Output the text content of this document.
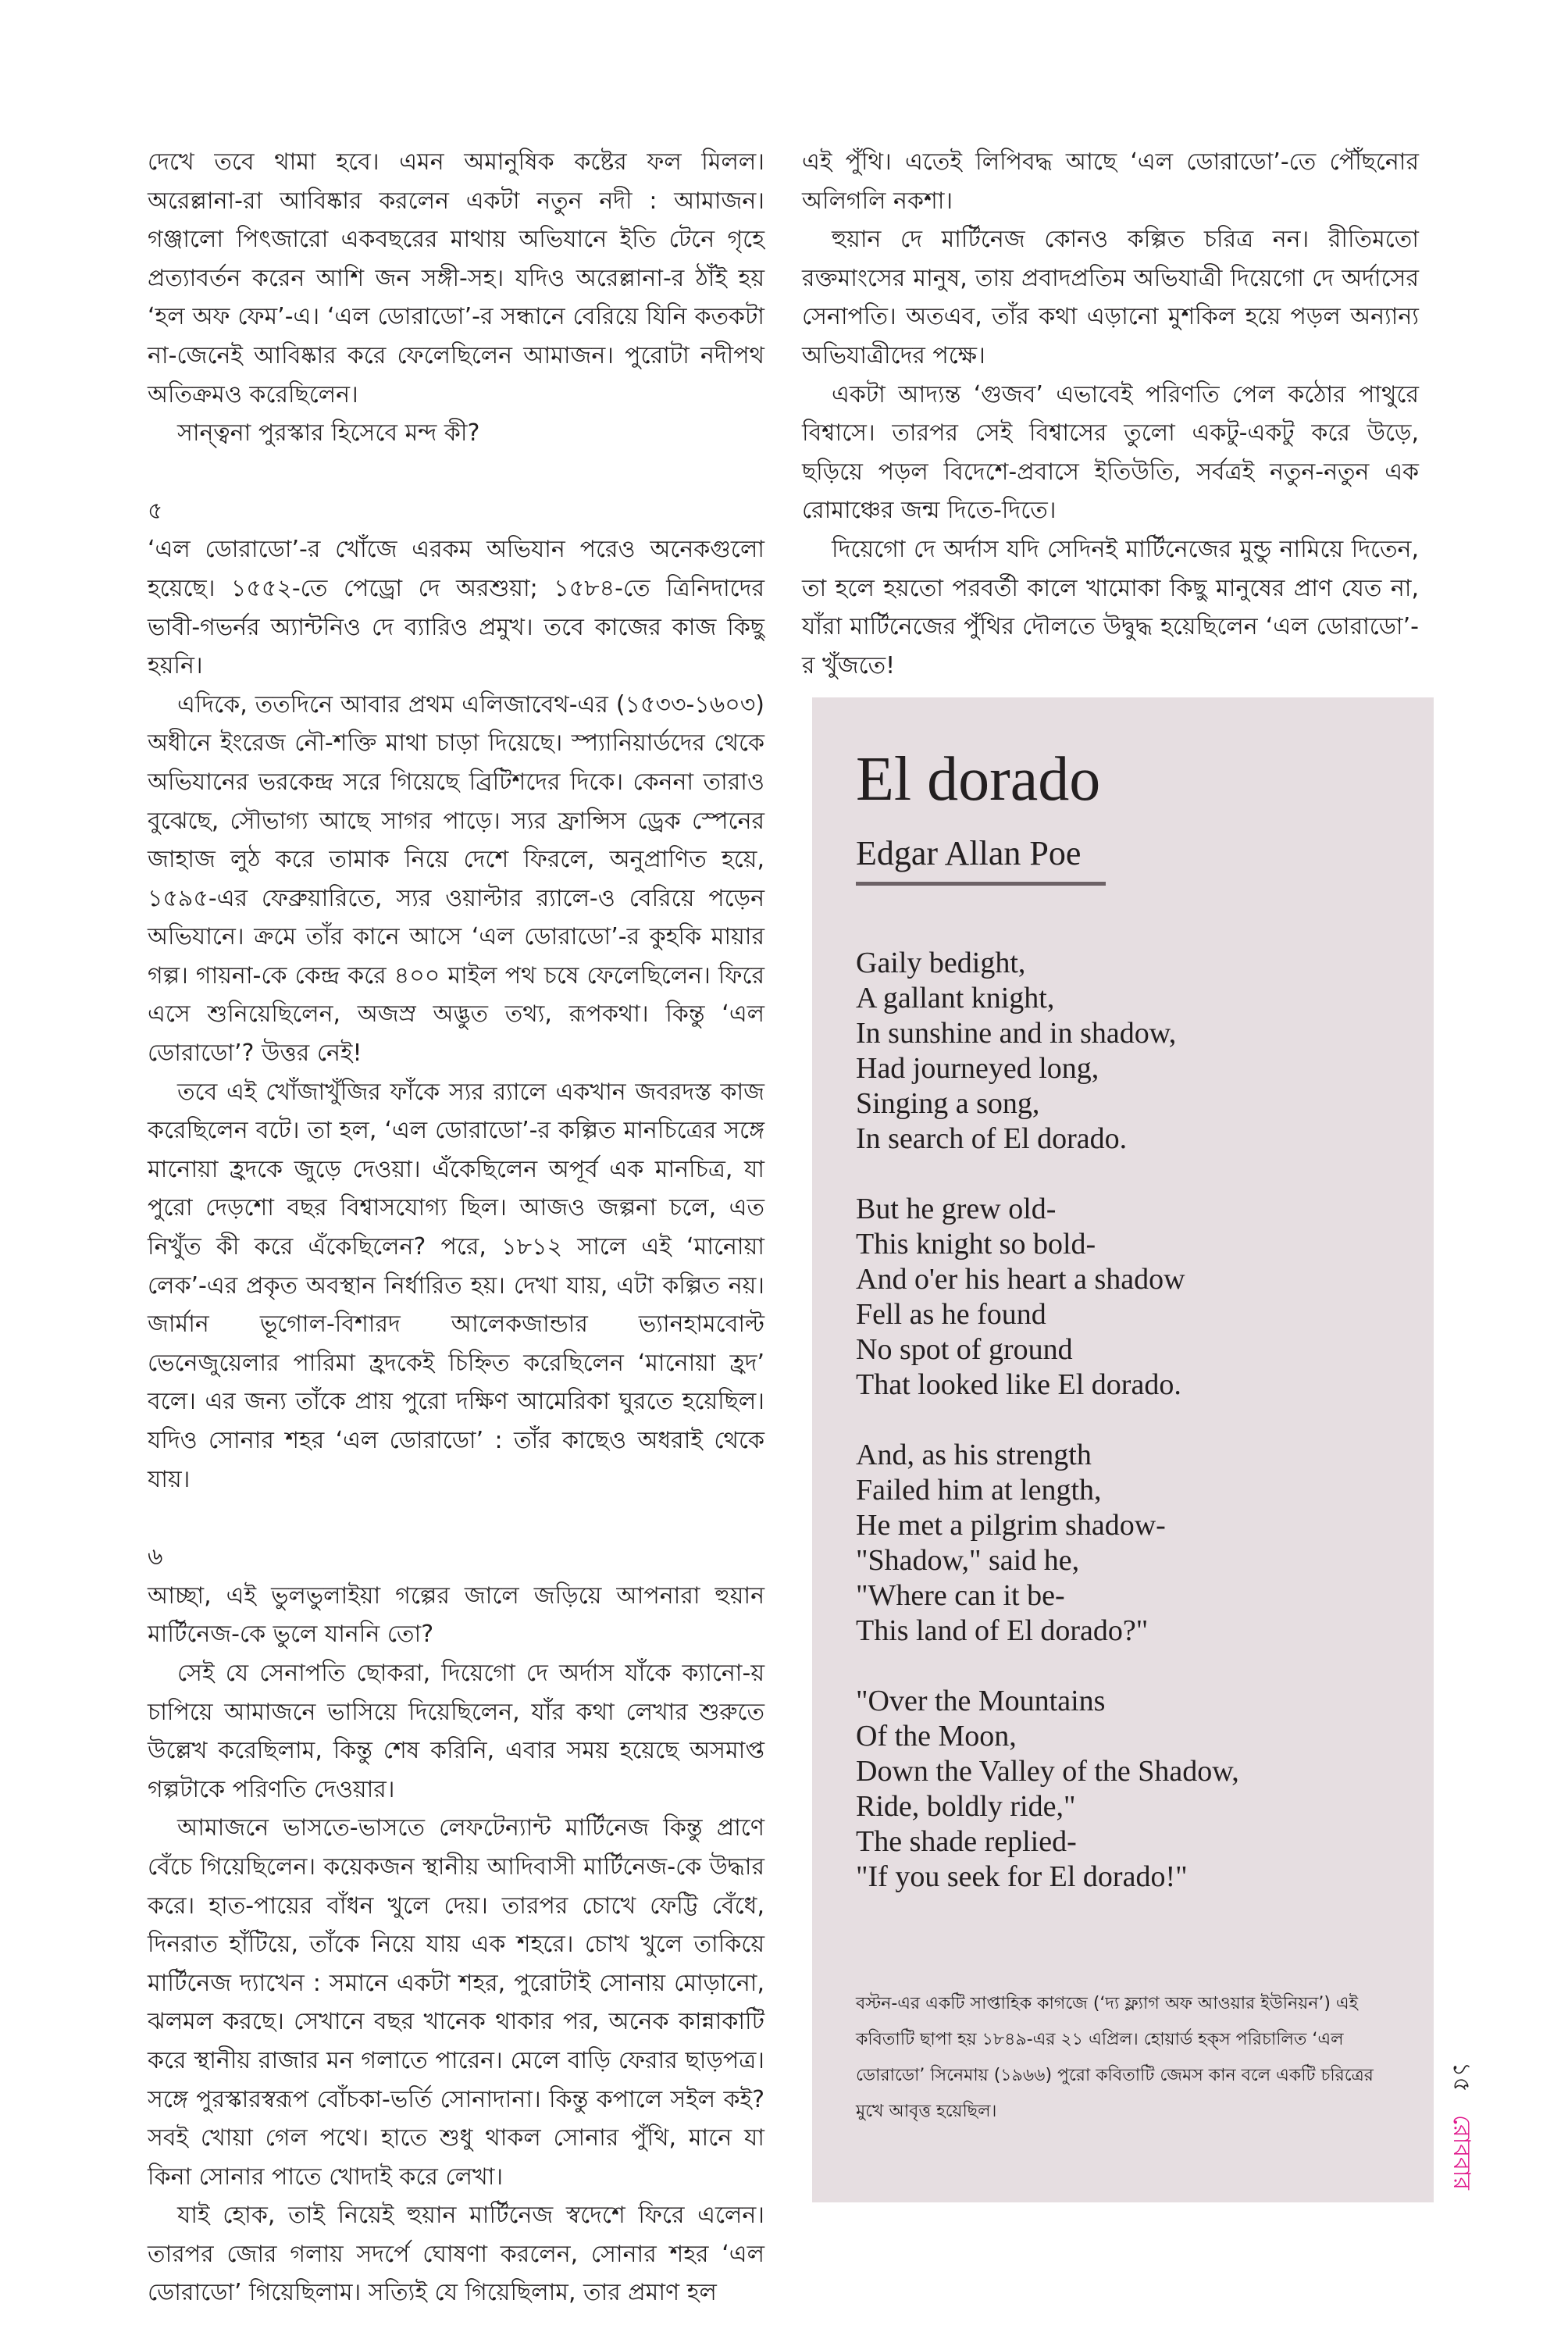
দেখে তবে থামা হবে। এমন অমানুষিক কষ্টের ফল মিলল। অরেল্লানা-রা আবিষ্কার করলেন একটা নতুন নদী : আমাজন। গঞ্জালো পিৎজারো একবছরের মাথায় অভিযানে ইতি টেনে গৃহে প্রত্যাবর্তন করেন আশি জন সঙ্গী-সহ। যদিও অরেল্লানা-র ঠাঁই হয় ‘হল অফ ফেম’-এ। ‘এল ডোরাডো’-র সন্ধানে বেরিয়ে যিনি কতকটা না-জেনেই আবিষ্কার করে ফেলেছিলেন আমাজন। পুরোটা নদীপথ অতিক্রমও করেছিলেন।

সান্ত্বনা পুরস্কার হিসেবে মন্দ কী?

৫

‘এল ডোরাডো’-র খোঁজে এরকম অভিযান পরেও অনেকগুলো হয়েছে। ১৫৫২-তে পেড্রো দে অরশুয়া; ১৫৮৪-তে ত্রিনিদাদের ভাবী-গভর্নর অ্যান্টনিও দে ব্যারিও প্রমুখ। তবে কাজের কাজ কিছু হয়নি।

এদিকে, ততদিনে আবার প্রথম এলিজাবেথ-এর (১৫৩৩-১৬০৩) অধীনে ইংরেজ নৌ-শক্তি মাথা চাড়া দিয়েছে। স্প্যানিয়ার্ডদের থেকে অভিযানের ভরকেন্দ্র সরে গিয়েছে ব্রিটিশদের দিকে। কেননা তারাও বুঝেছে, সৌভাগ্য আছে সাগর পাড়ে। স্যর ফ্রান্সিস ড্রেক স্পেনের জাহাজ লুঠ করে তামাক নিয়ে দেশে ফিরলে, অনুপ্রাণিত হয়ে, ১৫৯৫-এর ফেব্রুয়ারিতে, স্যর ওয়াল্টার র‌্যালে-ও বেরিয়ে পড়েন অভিযানে। ক্রমে তাঁর কানে আসে ‘এল ডোরাডো’-র কুহকি মায়ার গল্প। গায়না-কে কেন্দ্র করে ৪০০ মাইল পথ চষে ফেলেছিলেন। ফিরে এসে শুনিয়েছিলেন, অজস্র অদ্ভুত তথ্য, রূপকথা। কিন্তু ‘এল ডোরাডো’? উত্তর নেই!

তবে এই খোঁজাখুঁজির ফাঁকে স্যর র‌্যালে একখান জবরদস্ত কাজ করেছিলেন বটে। তা হল, ‘এল ডোরাডো’-র কল্পিত মানচিত্রের সঙ্গে মানোয়া হ্রদকে জুড়ে দেওয়া। এঁকেছিলেন অপূর্ব এক মানচিত্র, যা পুরো দেড়শো বছর বিশ্বাসযোগ্য ছিল। আজও জল্পনা চলে, এত নিখুঁত কী করে এঁকেছিলেন? পরে, ১৮১২ সালে এই ‘মানোয়া লেক’-এর প্রকৃত অবস্থান নির্ধারিত হয়। দেখা যায়, এটা কল্পিত নয়। জার্মান ভূগোল-বিশারদ আলেকজান্ডার ভ্যানহামবোল্ট ভেনেজুয়েলার পারিমা হ্রদকেই চিহ্নিত করেছিলেন ‘মানোয়া হ্রদ’ বলে। এর জন্য তাঁকে প্রায় পুরো দক্ষিণ আমেরিকা ঘুরতে হয়েছিল। যদিও সোনার শহর ‘এল ডোরাডো’ : তাঁর কাছেও অধরাই থেকে যায়।

৬

আচ্ছা, এই ভুলভুলাইয়া গল্পের জালে জড়িয়ে আপনারা হুয়ান মার্টিনেজ-কে ভুলে যাননি তো?

সেই যে সেনাপতি ছোকরা, দিয়েগো দে অর্দাস যাঁকে ক্যানো-য় চাপিয়ে আমাজনে ভাসিয়ে দিয়েছিলেন, যাঁর কথা লেখার শুরুতে উল্লেখ করেছিলাম, কিন্তু শেষ করিনি, এবার সময় হয়েছে অসমাপ্ত গল্পটাকে পরিণতি দেওয়ার।

আমাজনে ভাসতে-ভাসতে লেফটেন্যান্ট মার্টিনেজ কিন্তু প্রাণে বেঁচে গিয়েছিলেন। কয়েকজন স্থানীয় আদিবাসী মার্টিনেজ-কে উদ্ধার করে। হাত-পায়ের বাঁধন খুলে দেয়। তারপর চোখে ফেট্টি বেঁধে, দিনরাত হাঁটিয়ে, তাঁকে নিয়ে যায় এক শহরে। চোখ খুলে তাকিয়ে মার্টিনেজ দ্যাখেন : সমানে একটা শহর, পুরোটাই সোনায় মোড়ানো, ঝলমল করছে। সেখানে বছর খানেক থাকার পর, অনেক কান্নাকাটি করে স্থানীয় রাজার মন গলাতে পারেন। মেলে বাড়ি ফেরার ছাড়পত্র। সঙ্গে পুরস্কারস্বরূপ বোঁচকা-ভর্তি সোনাদানা। কিন্তু কপালে সইল কই? সবই খোয়া গেল পথে। হাতে শুধু থাকল সোনার পুঁথি, মানে যা কিনা সোনার পাতে খোদাই করে লেখা।

যাই হোক, তাই নিয়েই হুয়ান মার্টিনেজ স্বদেশে ফিরে এলেন। তারপর জোর গলায় সদর্পে ঘোষণা করলেন, সোনার শহর ‘এল ডোরাডো’ গিয়েছিলাম। সত্যিই যে গিয়েছিলাম, তার প্রমাণ হল

এই পুঁথি। এতেই লিপিবদ্ধ আছে ‘এল ডোরাডো’-তে পৌঁছনোর অলিগলি নকশা।

হুয়ান দে মার্টিনেজ কোনও কল্পিত চরিত্র নন। রীতিমতো রক্তমাংসের মানুষ, তায় প্রবাদপ্রতিম অভিযাত্রী দিয়েগো দে অর্দাসের সেনাপতি। অতএব, তাঁর কথা এড়ানো মুশকিল হয়ে পড়ল অন্যান্য অভিযাত্রীদের পক্ষে।

একটা আদ্যন্ত ‘গুজব’ এভাবেই পরিণতি পেল কঠোর পাথুরে বিশ্বাসে। তারপর সেই বিশ্বাসের তুলো একটু-একটু করে উড়ে, ছড়িয়ে পড়ল বিদেশে-প্রবাসে ইতিউতি, সর্বত্রই নতুন-নতুন এক রোমাঞ্চের জন্ম দিতে-দিতে।

দিয়েগো দে অর্দাস যদি সেদিনই মার্টিনেজের মুন্ডু নামিয়ে দিতেন, তা হলে হয়তো পরবর্তী কালে খামোকা কিছু মানুষের প্রাণ যেত না, যাঁরা মার্টিনেজের পুঁথির দৌলতে উদ্বুদ্ধ হয়েছিলেন ‘এল ডোরাডো’-র খুঁজতে!

El dorado
Edgar Allan Poe
Gaily bedight,
A gallant knight,
In sunshine and in shadow,
Had journeyed long,
Singing a song,
In search of El dorado.
But he grew old-
This knight so bold-
And o'er his heart a shadow
Fell as he found
No spot of ground
That looked like El dorado.
And, as his strength
Failed him at length,
He met a pilgrim shadow-
"Shadow," said he,
"Where can it be-
This land of El dorado?"
"Over the Mountains
Of the Moon,
Down the Valley of the Shadow,
Ride, boldly ride,"
The shade replied-
"If you seek for El dorado!"
বস্টন-এর একটি সাপ্তাহিক কাগজে (‘দ্য ফ্ল্যাগ অফ আওয়ার ইউনিয়ন’) এই কবিতাটি ছাপা হয় ১৮৪৯-এর ২১ এপ্রিল। হোয়ার্ড হক্‌স পরিচালিত ‘এল ডোরাডো’ সিনেমায় (১৯৬৬) পুরো কবিতাটি জেমস কান বলে একটি চরিত্রের মুখে আবৃত্ত হয়েছিল।
১৫
রোববার
